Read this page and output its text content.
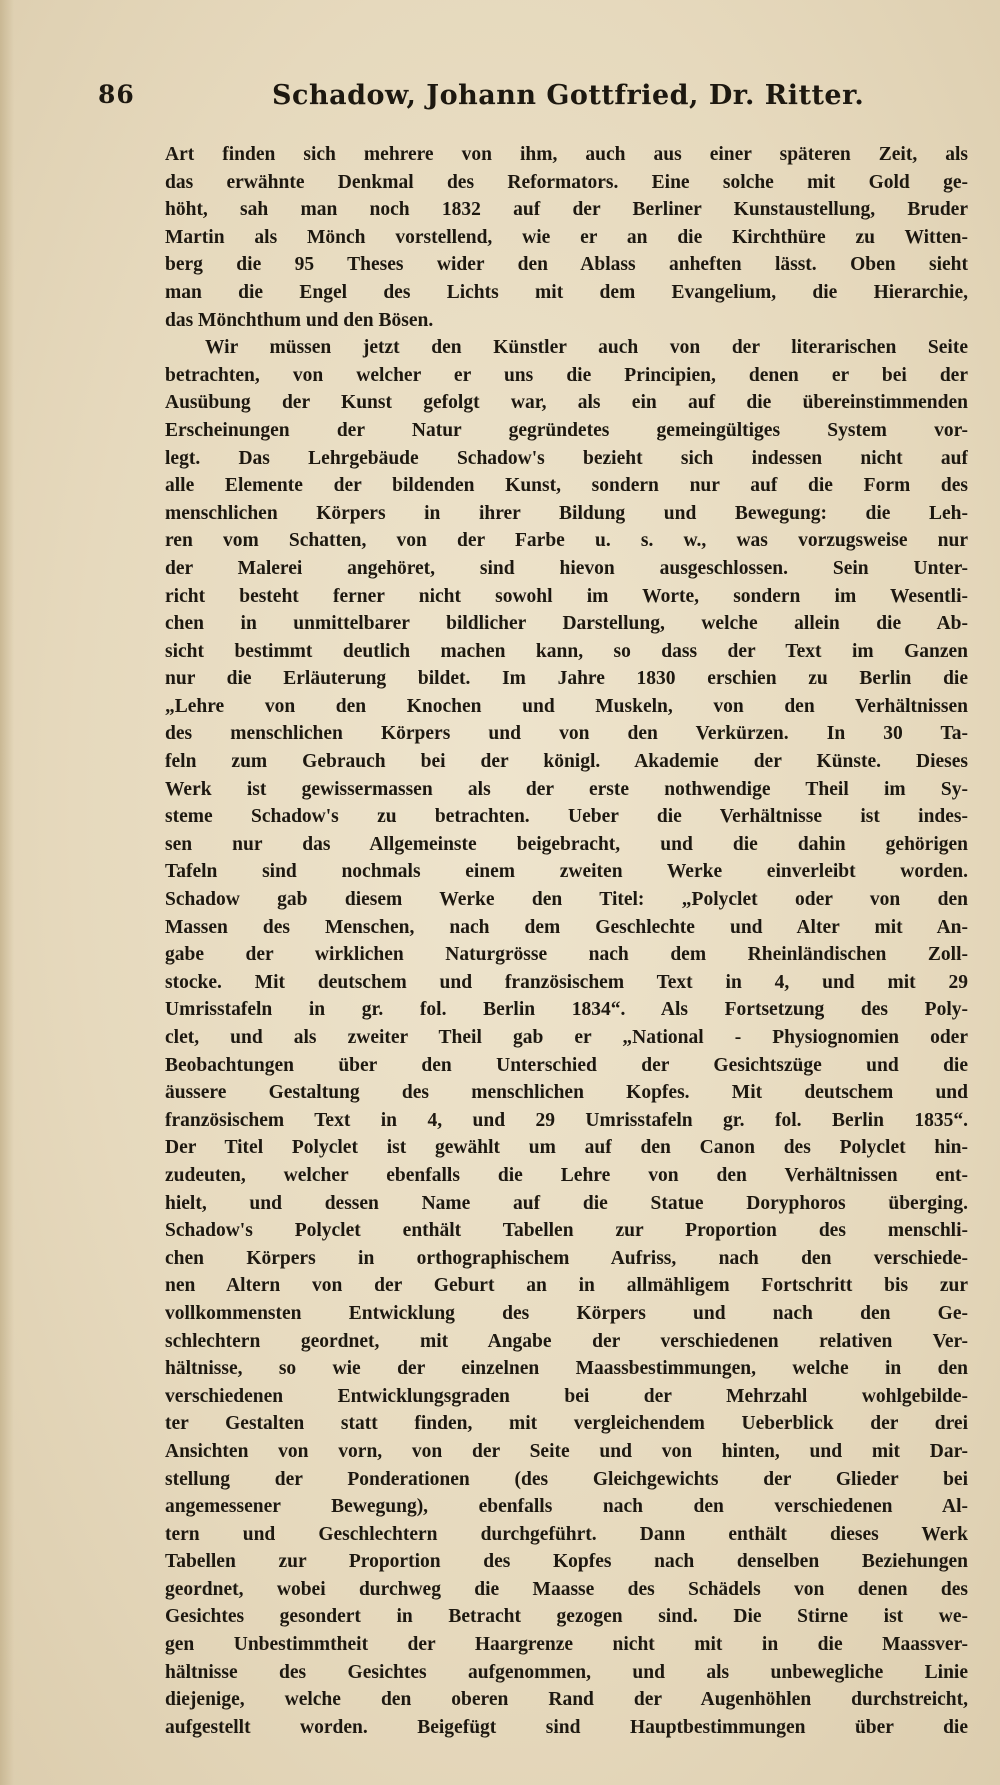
86	Schadow, Johann Gottfried, Dr. Ritter.
Art finden sich mehrere von ihm, auch aus einer späteren Zeit, als
das erwähnte Denkmal des Reformators. Eine solche mit Gold ge-
höht, sah man noch 1832 auf der Berliner Kunstaustellung, Bruder
Martin als Mönch vorstellend, wie er an die Kirchthüre zu Witten-
berg die 95 Theses wider den Ablass anheften lässt. Oben sieht
man die Engel des Lichts mit dem Evangelium, die Hierarchie,
das Mönchthum und den Bösen.
Wir müssen jetzt den Künstler auch von der literarischen Seite
betrachten, von welcher er uns die Principien, denen er bei der
Ausübung der Kunst gefolgt war, als ein auf die übereinstimmenden
Erscheinungen der Natur gegründetes gemeingültiges System vor-
legt. Das Lehrgebäude Schadow's bezieht sich indessen nicht auf
alle Elemente der bildenden Kunst, sondern nur auf die Form des
menschlichen Körpers in ihrer Bildung und Bewegung: die Leh-
ren vom Schatten, von der Farbe u. s. w., was vorzugsweise nur
der Malerei angehöret, sind hievon ausgeschlossen. Sein Unter-
richt besteht ferner nicht sowohl im Worte, sondern im Wesentli-
chen in unmittelbarer bildlicher Darstellung, welche allein die Ab-
sicht bestimmt deutlich machen kann, so dass der Text im Ganzen
nur die Erläuterung bildet. Im Jahre 1830 erschien zu Berlin die
„Lehre von den Knochen und Muskeln, von den Verhältnissen
des menschlichen Körpers und von den Verkürzen. In 30 Ta-
feln zum Gebrauch bei der königl. Akademie der Künste. Dieses
Werk ist gewissermassen als der erste nothwendige Theil im Sy-
steme Schadow's zu betrachten. Ueber die Verhältnisse ist indes-
sen nur das Allgemeinste beigebracht, und die dahin gehörigen
Tafeln sind nochmals einem zweiten Werke einverleibt worden.
Schadow gab diesem Werke den Titel: „Polyclet oder von den
Massen des Menschen, nach dem Geschlechte und Alter mit An-
gabe der wirklichen Naturgrösse nach dem Rheinländischen Zoll-
stocke. Mit deutschem und französischem Text in 4, und mit 29
Umrisstafeln in gr. fol. Berlin 1834“. Als Fortsetzung des Poly-
clet, und als zweiter Theil gab er „National - Physiognomien oder
Beobachtungen über den Unterschied der Gesichtszüge und die
äussere Gestaltung des menschlichen Kopfes. Mit deutschem und
französischem Text in 4, und 29 Umrisstafeln gr. fol. Berlin 1835“.
Der Titel Polyclet ist gewählt um auf den Canon des Polyclet hin-
zudeuten, welcher ebenfalls die Lehre von den Verhältnissen ent-
hielt, und dessen Name auf die Statue Doryphoros überging.
Schadow's Polyclet enthält Tabellen zur Proportion des menschli-
chen Körpers in orthographischem Aufriss, nach den verschiede-
nen Altern von der Geburt an in allmähligem Fortschritt bis zur
vollkommensten Entwicklung des Körpers und nach den Ge-
schlechtern geordnet, mit Angabe der verschiedenen relativen Ver-
hältnisse, so wie der einzelnen Maassbestimmungen, welche in den
verschiedenen Entwicklungsgraden bei der Mehrzahl wohlgebilde-
ter Gestalten statt finden, mit vergleichendem Ueberblick der drei
Ansichten von vorn, von der Seite und von hinten, und mit Dar-
stellung der Ponderationen (des Gleichgewichts der Glieder bei
angemessener Bewegung), ebenfalls nach den verschiedenen Al-
tern und Geschlechtern durchgeführt. Dann enthält dieses Werk
Tabellen zur Proportion des Kopfes nach denselben Beziehungen
geordnet, wobei durchweg die Maasse des Schädels von denen des
Gesichtes gesondert in Betracht gezogen sind. Die Stirne ist we-
gen Unbestimmtheit der Haargrenze nicht mit in die Maassver-
hältnisse des Gesichtes aufgenommen, und als unbewegliche Linie
diejenige, welche den oberen Rand der Augenhöhlen durchstreicht,
aufgestellt worden. Beigefügt sind Hauptbestimmungen über die
